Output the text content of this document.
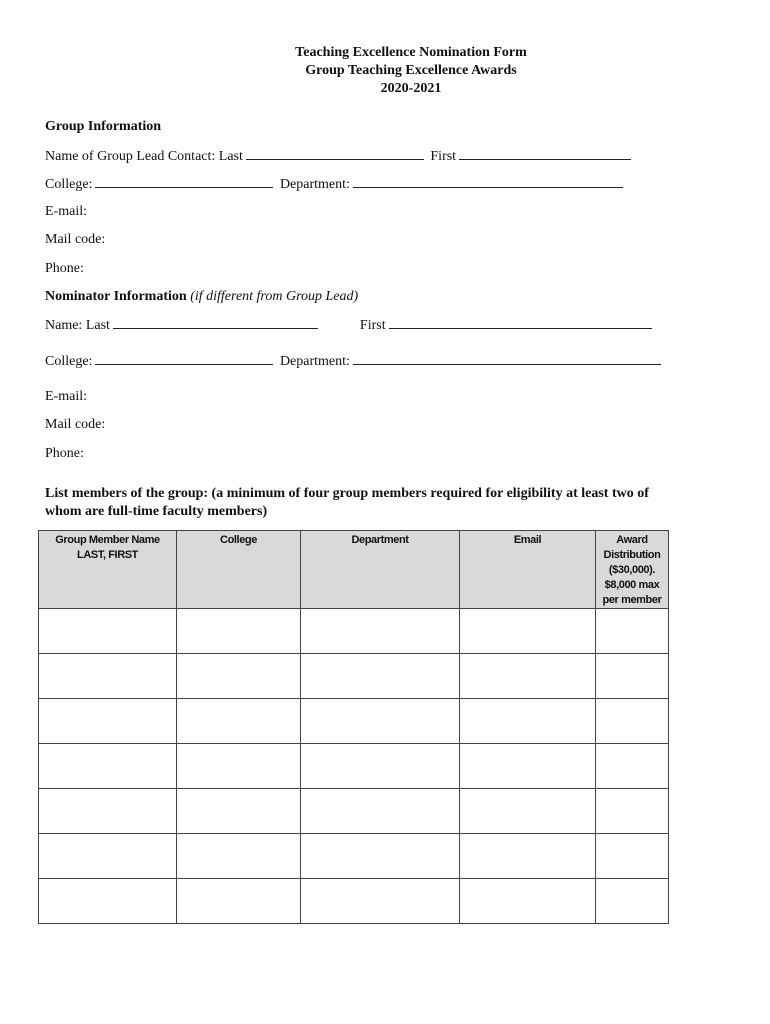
Teaching Excellence Nomination Form
Group Teaching Excellence Awards
2020-2021
Group Information
Name of Group Lead Contact: Last	First
College:	Department:
E-mail:
Mail code:
Phone:
Nominator Information (if different from Group Lead)
Name: Last	First
College:	Department:
E-mail:
Mail code:
Phone:
List members of the group: (a minimum of four group members required for eligibility at least two of
whom are full-time faculty members)
Group Member Name
LAST, FIRST	College	Department	Email	Award
Distribution
($30,000).
$8,000 max
per member
